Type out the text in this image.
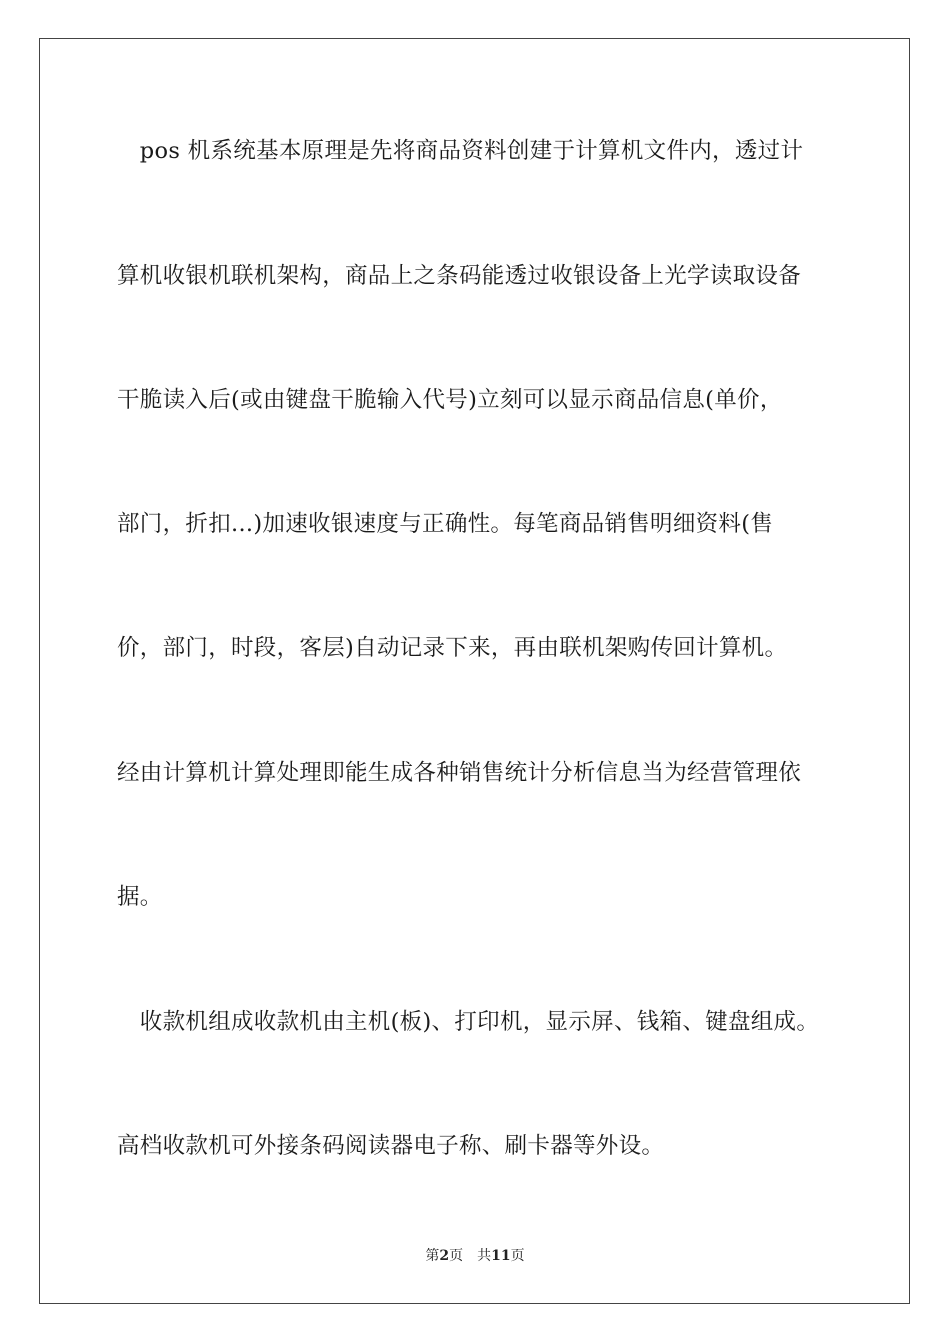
　pos 机系统基本原理是先将商品资料创建于计算机文件内，透过计
算机收银机联机架构，商品上之条码能透过收银设备上光学读取设备
干脆读入后(或由键盘干脆输入代号)立刻可以显示商品信息(单价，
部门，折扣...)加速收银速度与正确性。每笔商品销售明细资料(售
价，部门，时段，客层)自动记录下来，再由联机架购传回计算机。
经由计算机计算处理即能生成各种销售统计分析信息当为经营管理依
据。
　收款机组成收款机由主机(板)、打印机，显示屏、钱箱、键盘组成。
高档收款机可外接条码阅读器电子称、刷卡器等外设。
第2页 共11页
